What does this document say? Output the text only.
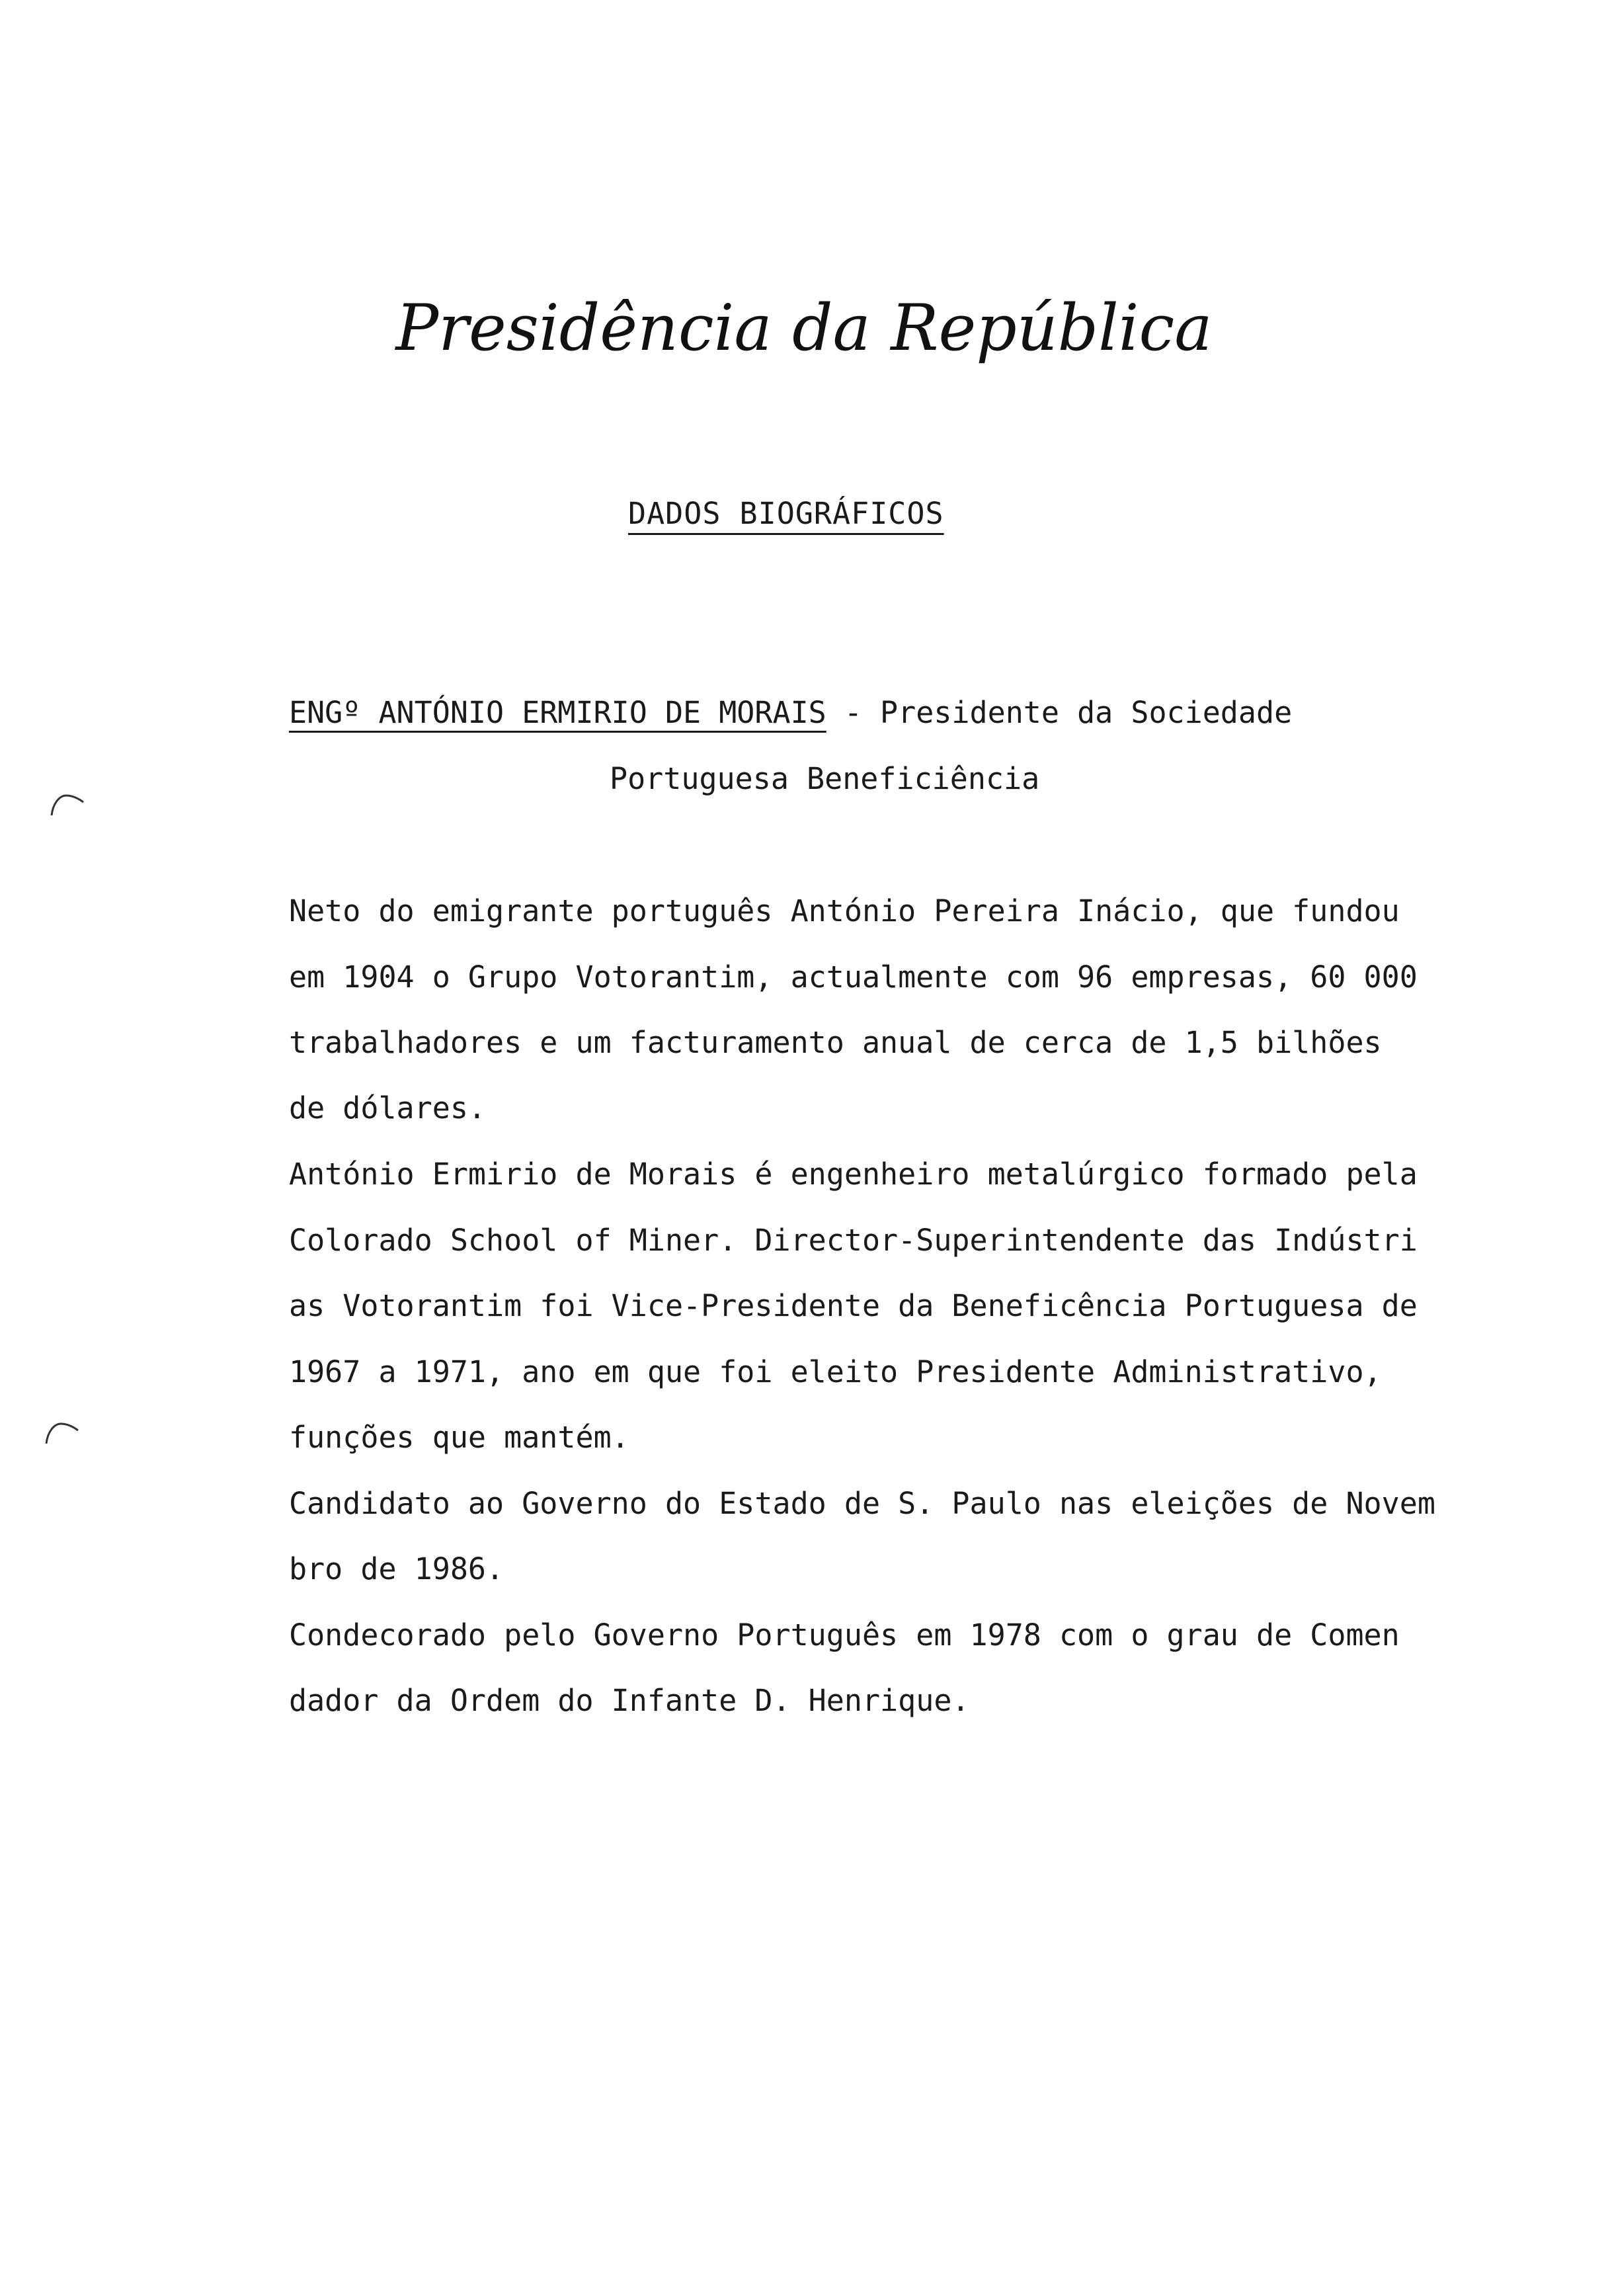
Presidência da República
DADOS BIOGRÁFICOS
ENGº ANTÓNIO ERMIRIO DE MORAIS - Presidente da Sociedade
Portuguesa Beneficiência
Neto do emigrante português António Pereira Inácio, que fundou
em 1904 o Grupo Votorantim, actualmente com 96 empresas, 60 000
trabalhadores e um facturamento anual de cerca de 1,5 bilhões
de dólares.
António Ermirio de Morais é engenheiro metalúrgico formado pela
Colorado School of Miner. Director-Superintendente das Indústri
as Votorantim foi Vice-Presidente da Beneficência Portuguesa de
1967 a 1971, ano em que foi eleito Presidente Administrativo,
funções que mantém.
Candidato ao Governo do Estado de S. Paulo nas eleições de Novem
bro de 1986.
Condecorado pelo Governo Português em 1978 com o grau de Comen
dador da Ordem do Infante D. Henrique.
